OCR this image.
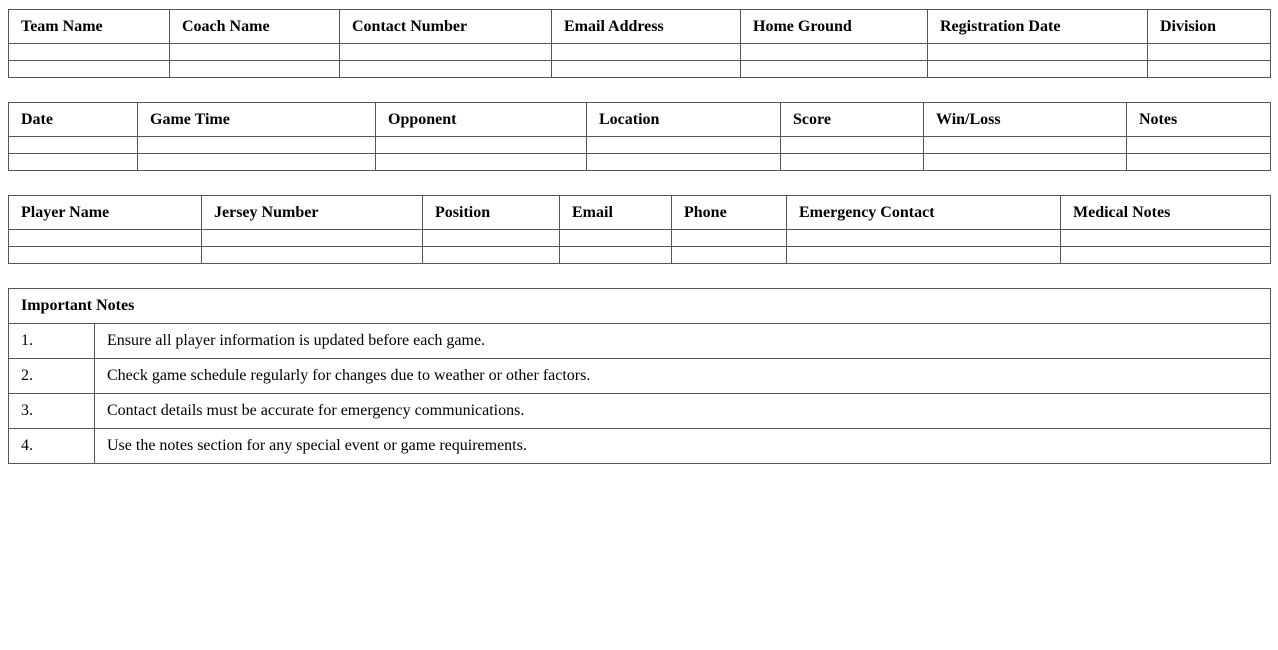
Team Name	Coach Name	Contact Number	Email Address	Home Ground	Registration Date	Division

Date	Game Time	Opponent	Location	Score	Win/Loss	Notes

Player Name	Jersey Number	Position	Email	Phone	Emergency Contact	Medical Notes

Important Notes	
1.	Ensure all player information is updated before each game.
2.	Check game schedule regularly for changes due to weather or other factors.
3.	Contact details must be accurate for emergency communications.
4.	Use the notes section for any special event or game requirements.
